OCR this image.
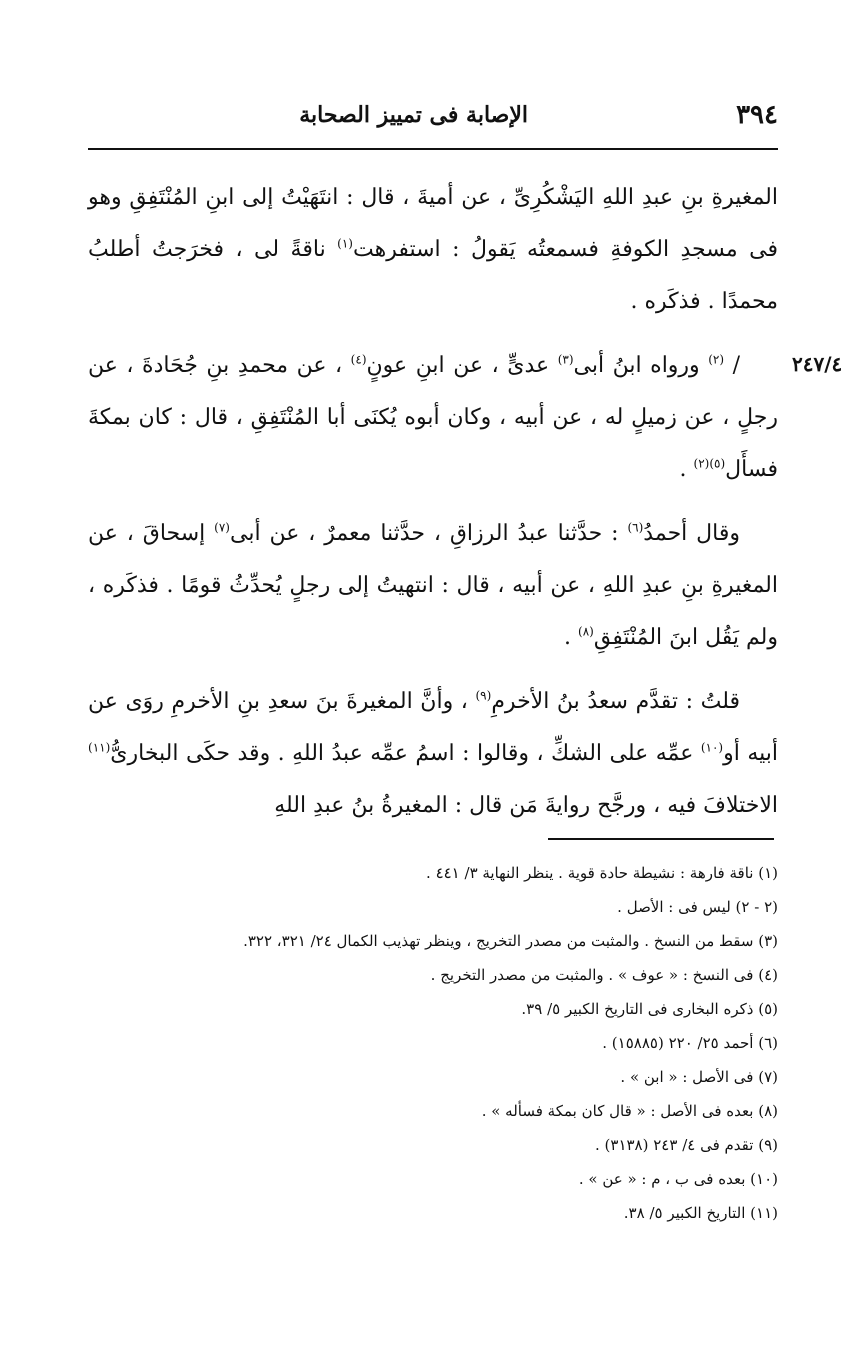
٣٩٤
الإصابة فى تمييز الصحابة
٢٤٧/٤

المغيرةِ بنِ عبدِ اللهِ اليَشْكُرِىِّ ، عن أميةَ ، قال : انتَهَيْتُ إلى ابنِ المُنْتَفِقِ وهو فى مسجدِ الكوفةِ فسمعتُه يَقولُ : استفرهت$^{(١)}$ ناقةً لى ، فخرَجتُ أطلبُ محمدًا . فذكَره .

/ $^{(٢)}$ ورواه ابنُ أبى$^{(٣)}$ عدىٍّ ، عن ابنِ عونٍ$^{(٤)}$ ، عن محمدِ بنِ جُحَادةَ ، عن رجلٍ ، عن زميلٍ له ، عن أبيه ، وكان أبوه يُكنَى أبا المُنْتَفِقِ ، قال : كان بمكةَ فسأَل$^{(٥)(٢)}$ .

وقال أحمدُ$^{(٦)}$ : حدَّثنا عبدُ الرزاقِ ، حدَّثنا معمرٌ ، عن أبى$^{(٧)}$ إسحاقَ ، عن المغيرةِ بنِ عبدِ اللهِ ، عن أبيه ، قال : انتهيتُ إلى رجلٍ يُحدِّثُ قومًا . فذكَره ، ولم يَقُل ابنَ المُنْتَفِقِ$^{(٨)}$ .

قلتُ : تقدَّم سعدُ بنُ الأخرمِ$^{(٩)}$ ، وأنَّ المغيرةَ بنَ سعدِ بنِ الأخرمِ روَى عن أبيه أو$^{(١٠)}$ عمِّه على الشكِّ ، وقالوا : اسمُ عمِّه عبدُ اللهِ . وقد حكَى البخارىُّ$^{(١١)}$ الاختلافَ فيه ، ورجَّح روايةَ مَن قال : المغيرةُ بنُ عبدِ اللهِ

(١) ناقة فارهة : نشيطة حادة قوية . ينظر النهاية ٣/ ٤٤١ .
(٢ - ٢) ليس فى : الأصل .
(٣) سقط من النسخ . والمثبت من مصدر التخريج ، وينظر تهذيب الكمال ٢٤/ ٣٢١، ٣٢٢.
(٤) فى النسخ : « عوف » . والمثبت من مصدر التخريج .
(٥) ذكره البخارى فى التاريخ الكبير ٥/ ٣٩.
(٦) أحمد ٢٥/ ٢٢٠ (١٥٨٨٥) .
(٧) فى الأصل : « ابن » .
(٨) بعده فى الأصل : « قال كان بمكة فسأله » .
(٩) تقدم فى ٤/ ٢٤٣ (٣١٣٨) .
(١٠) بعده فى ب ، م : « عن » .
(١١) التاريخ الكبير ٥/ ٣٨.
